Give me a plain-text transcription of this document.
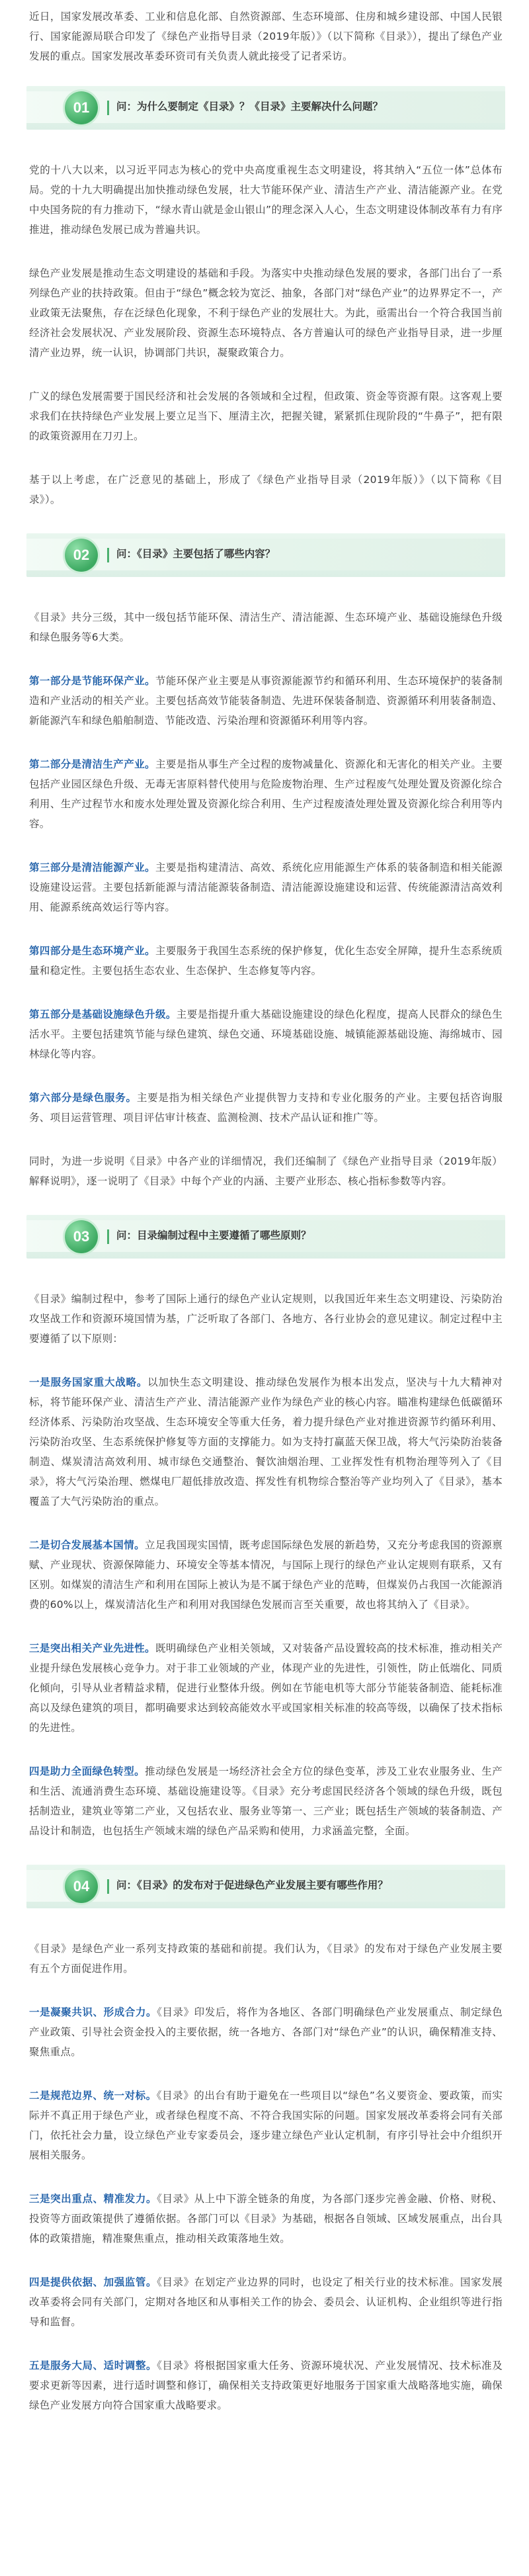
近日，国家发展改革委、工业和信息化部、自然资源部、生态环境部、住房和城乡建设部、中国人民银行、国家能源局联合印发了《绿色产业指导目录（2019年版）》（以下简称《目录》），提出了绿色产业发展的重点。国家发展改革委环资司有关负责人就此接受了记者采访。

01	问：为什么要制定《目录》？《目录》主要解决什么问题？

党的十八大以来，以习近平同志为核心的党中央高度重视生态文明建设，将其纳入“五位一体”总体布局。党的十九大明确提出加快推动绿色发展，壮大节能环保产业、清洁生产产业、清洁能源产业。在党中央国务院的有力推动下，“绿水青山就是金山银山”的理念深入人心，生态文明建设体制改革有力有序推进，推动绿色发展已成为普遍共识。

绿色产业发展是推动生态文明建设的基础和手段。为落实中央推动绿色发展的要求，各部门出台了一系列绿色产业的扶持政策。但由于“绿色”概念较为宽泛、抽象，各部门对“绿色产业”的边界界定不一，产业政策无法聚焦，存在泛绿色化现象，不利于绿色产业的发展壮大。为此，亟需出台一个符合我国当前经济社会发展状况、产业发展阶段、资源生态环境特点、各方普遍认可的绿色产业指导目录，进一步厘清产业边界，统一认识，协调部门共识，凝聚政策合力。

广义的绿色发展需要于国民经济和社会发展的各领域和全过程，但政策、资金等资源有限。这客观上要求我们在扶持绿色产业发展上要立足当下、厘清主次，把握关键，紧紧抓住现阶段的“牛鼻子”，把有限的政策资源用在刀刃上。

基于以上考虑，在广泛意见的基础上，形成了《绿色产业指导目录（2019年版）》（以下简称《目录》）。

02	问：《目录》主要包括了哪些内容？

《目录》共分三级，其中一级包括节能环保、清洁生产、清洁能源、生态环境产业、基础设施绿色升级和绿色服务等6大类。

第一部分是节能环保产业。节能环保产业主要是从事资源能源节约和循环利用、生态环境保护的装备制造和产业活动的相关产业。主要包括高效节能装备制造、先进环保装备制造、资源循环利用装备制造、新能源汽车和绿色船舶制造、节能改造、污染治理和资源循环利用等内容。

第二部分是清洁生产产业。主要是指从事生产全过程的废物减量化、资源化和无害化的相关产业。主要包括产业园区绿色升级、无毒无害原料替代使用与危险废物治理、生产过程废气处理处置及资源化综合利用、生产过程节水和废水处理处置及资源化综合利用、生产过程废渣处理处置及资源化综合利用等内容。

第三部分是清洁能源产业。主要是指构建清洁、高效、系统化应用能源生产体系的装备制造和相关能源设施建设运营。主要包括新能源与清洁能源装备制造、清洁能源设施建设和运营、传统能源清洁高效利用、能源系统高效运行等内容。

第四部分是生态环境产业。主要服务于我国生态系统的保护修复，优化生态安全屏障，提升生态系统质量和稳定性。主要包括生态农业、生态保护、生态修复等内容。

第五部分是基础设施绿色升级。主要是指提升重大基础设施建设的绿色化程度，提高人民群众的绿色生活水平。主要包括建筑节能与绿色建筑、绿色交通、环境基础设施、城镇能源基础设施、海绵城市、园林绿化等内容。

第六部分是绿色服务。主要是指为相关绿色产业提供智力支持和专业化服务的产业。主要包括咨询服务、项目运营管理、项目评估审计核查、监测检测、技术产品认证和推广等。

同时，为进一步说明《目录》中各产业的详细情况，我们还编制了《绿色产业指导目录（2019年版）解释说明》，逐一说明了《目录》中每个产业的内涵、主要产业形态、核心指标参数等内容。

03	问：目录编制过程中主要遵循了哪些原则？

《目录》编制过程中，参考了国际上通行的绿色产业认定规则，以我国近年来生态文明建设、污染防治攻坚战工作和资源环境国情为基，广泛听取了各部门、各地方、各行业协会的意见建议。制定过程中主要遵循了以下原则：

一是服务国家重大战略。以加快生态文明建设、推动绿色发展作为根本出发点，坚决与十九大精神对标，将节能环保产业、清洁生产产业、清洁能源产业作为绿色产业的核心内容。瞄准构建绿色低碳循环经济体系、污染防治攻坚战、生态环境安全等重大任务，着力提升绿色产业对推进资源节约循环利用、污染防治攻坚、生态系统保护修复等方面的支撑能力。如为支持打赢蓝天保卫战，将大气污染防治装备制造、煤炭清洁高效利用、城市绿色交通整治、餐饮油烟治理、工业挥发性有机物治理等列入了《目录》，将大气污染治理、燃煤电厂超低排放改造、挥发性有机物综合整治等产业均列入了《目录》，基本覆盖了大气污染防治的重点。

二是切合发展基本国情。立足我国现实国情，既考虑国际绿色发展的新趋势，又充分考虑我国的资源禀赋、产业现状、资源保障能力、环境安全等基本情况，与国际上现行的绿色产业认定规则有联系，又有区别。如煤炭的清洁生产和利用在国际上被认为是不属于绿色产业的范畴，但煤炭仍占我国一次能源消费的60%以上，煤炭清洁化生产和利用对我国绿色发展而言至关重要，故也将其纳入了《目录》。

三是突出相关产业先进性。既明确绿色产业相关领域，又对装备产品设置较高的技术标准，推动相关产业提升绿色发展核心竞争力。对于非工业领域的产业，体现产业的先进性，引领性，防止低端化、同质化倾向，引导从业者精益求精，促进行业整体升级。例如在节能电机等大部分节能装备制造、能耗标准高以及绿色建筑的项目，都明确要求达到较高能效水平或国家相关标准的较高等级，以确保了技术指标的先进性。

四是助力全面绿色转型。推动绿色发展是一场经济社会全方位的绿色变革，涉及工业农业服务业、生产和生活、流通消费生态环境、基础设施建设等。《目录》充分考虑国民经济各个领域的绿色升级，既包括制造业，建筑业等第二产业，又包括农业、服务业等第一、三产业；既包括生产领域的装备制造、产品设计和制造，也包括生产领域末端的绿色产品采购和使用，力求涵盖完整，全面。

04	问：《目录》的发布对于促进绿色产业发展主要有哪些作用？

《目录》是绿色产业一系列支持政策的基础和前提。我们认为，《目录》的发布对于绿色产业发展主要有五个方面促进作用。

一是凝聚共识、形成合力。《目录》印发后，将作为各地区、各部门明确绿色产业发展重点、制定绿色产业政策、引导社会资金投入的主要依据，统一各地方、各部门对“绿色产业”的认识，确保精准支持、聚焦重点。

二是规范边界、统一对标。《目录》的出台有助于避免在一些项目以“绿色”名义要资金、要政策，而实际并不真正用于绿色产业，或者绿色程度不高、不符合我国实际的问题。国家发展改革委将会同有关部门，依托社会力量，设立绿色产业专家委员会，逐步建立绿色产业认定机制，有序引导社会中介组织开展相关服务。

三是突出重点、精准发力。《目录》从上中下游全链条的角度，为各部门逐步完善金融、价格、财税、投资等方面政策提供了遵循依据。各部门可以《目录》为基础，根据各自领域、区域发展重点，出台具体的政策措施，精准聚焦重点，推动相关政策落地生效。

四是提供依据、加强监管。《目录》在划定产业边界的同时，也设定了相关行业的技术标准。国家发展改革委将会同有关部门，定期对各地区和从事相关工作的协会、委员会、认证机构、企业组织等进行指导和监督。

五是服务大局、适时调整。《目录》将根据国家重大任务、资源环境状况、产业发展情况、技术标准及要求更新等因素，进行适时调整和修订，确保相关支持政策更好地服务于国家重大战略落地实施，确保绿色产业发展方向符合国家重大战略要求。
